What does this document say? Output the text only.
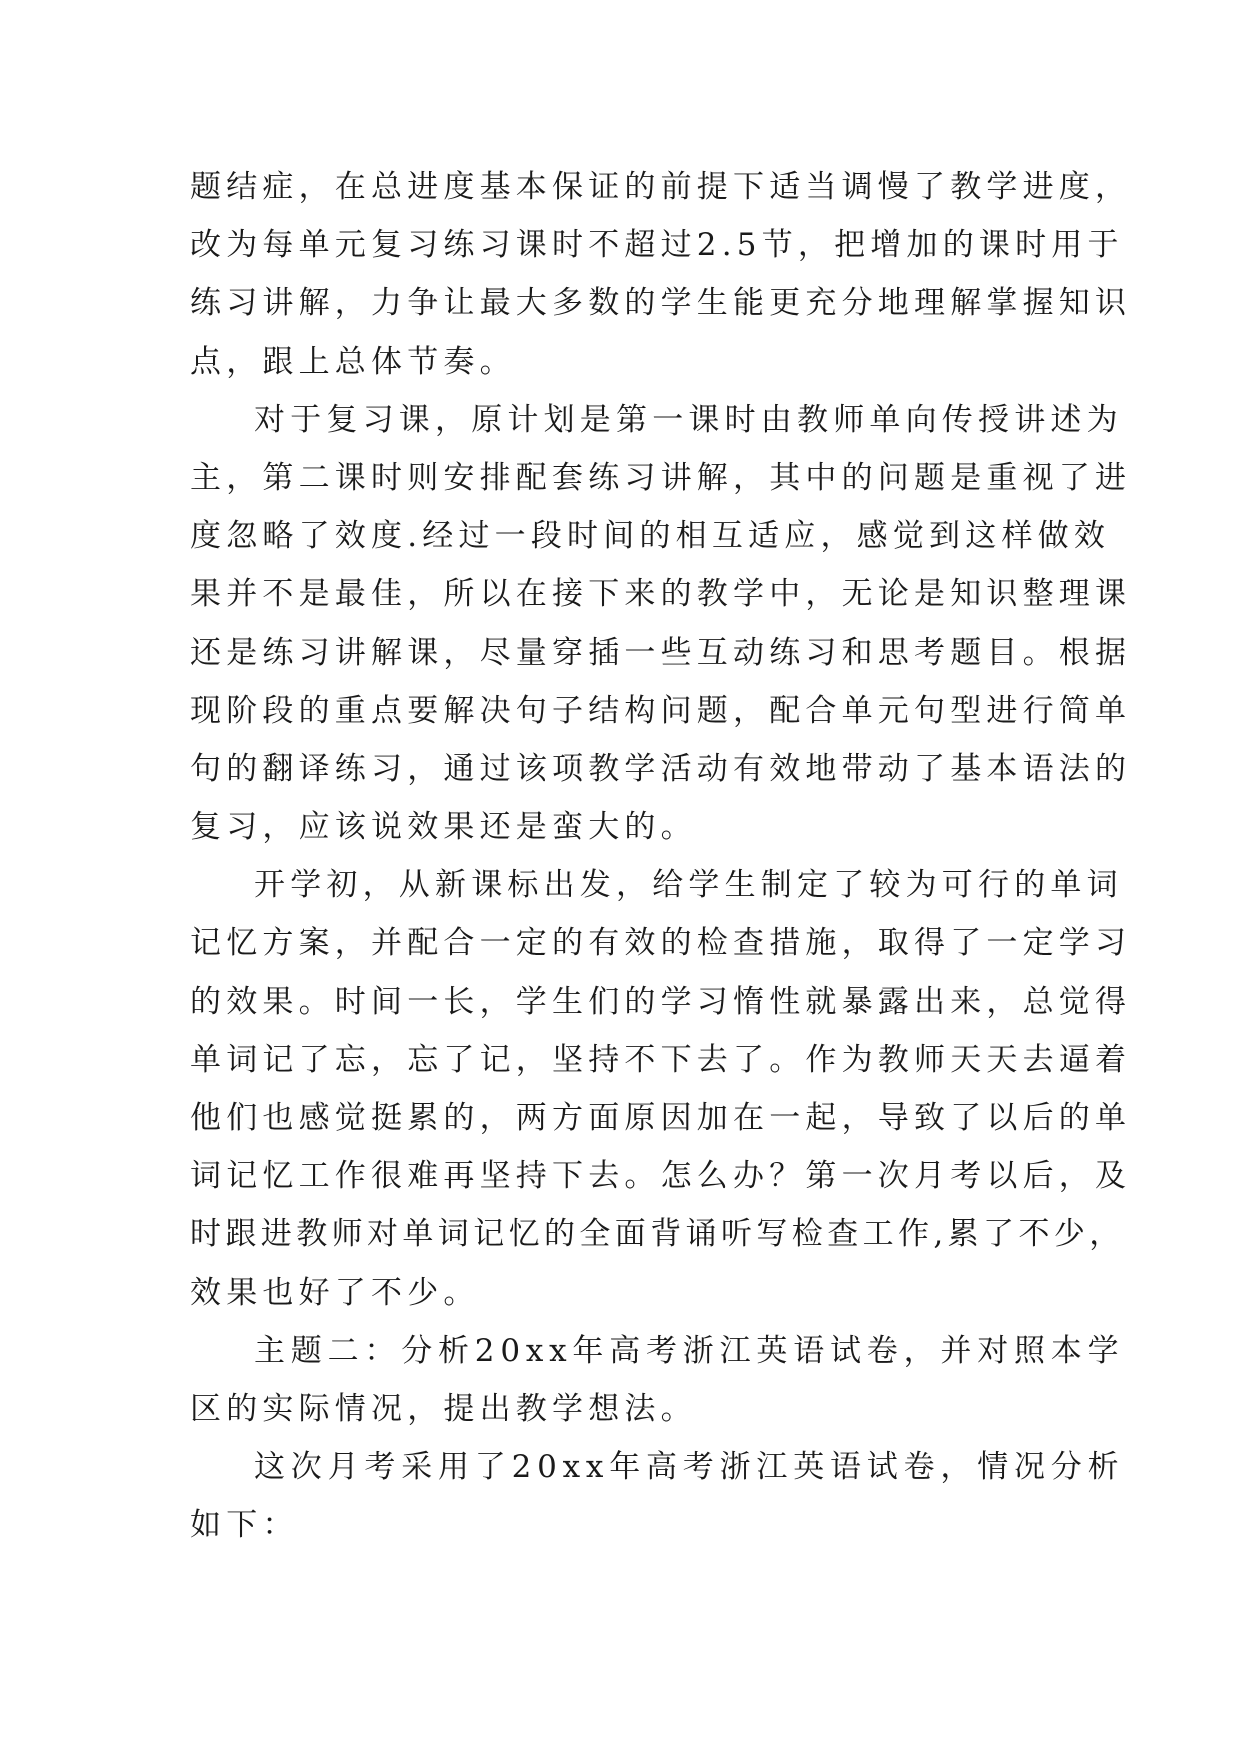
题结症，在总进度基本保证的前提下适当调慢了教学进度，
改为每单元复习练习课时不超过2.5节，把增加的课时用于
练习讲解，力争让最大多数的学生能更充分地理解掌握知识
点，跟上总体节奏。
对于复习课，原计划是第一课时由教师单向传授讲述为
主，第二课时则安排配套练习讲解，其中的问题是重视了进
度忽略了效度.经过一段时间的相互适应，感觉到这样做效
果并不是最佳，所以在接下来的教学中，无论是知识整理课
还是练习讲解课，尽量穿插一些互动练习和思考题目。根据
现阶段的重点要解决句子结构问题，配合单元句型进行简单
句的翻译练习，通过该项教学活动有效地带动了基本语法的
复习，应该说效果还是蛮大的。
开学初，从新课标出发，给学生制定了较为可行的单词
记忆方案，并配合一定的有效的检查措施，取得了一定学习
的效果。时间一长，学生们的学习惰性就暴露出来，总觉得
单词记了忘，忘了记，坚持不下去了。作为教师天天去逼着
他们也感觉挺累的，两方面原因加在一起，导致了以后的单
词记忆工作很难再坚持下去。怎么办？第一次月考以后，及
时跟进教师对单词记忆的全面背诵听写检查工作,累了不少，
效果也好了不少。
主题二：分析20xx年高考浙江英语试卷，并对照本学
区的实际情况，提出教学想法。
这次月考采用了20xx年高考浙江英语试卷，情况分析
如下：
